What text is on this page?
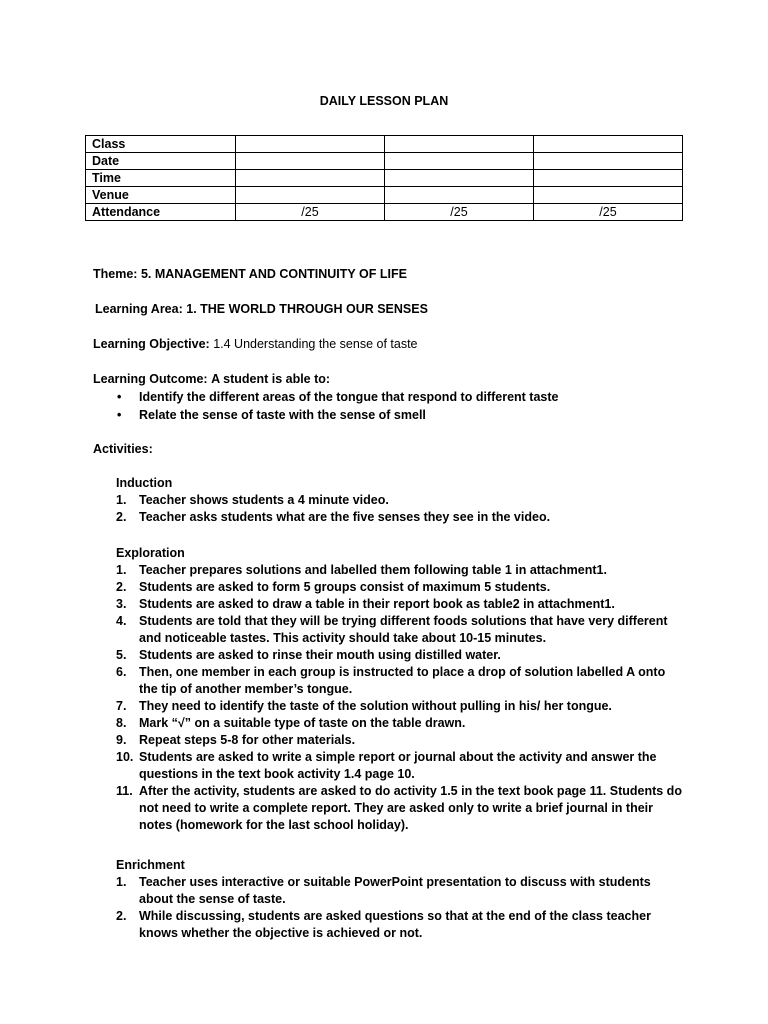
DAILY LESSON PLAN
Class			
Date			
Time			
Venue			
Attendance	/25	/25	/25
Theme: 5. MANAGEMENT AND CONTINUITY OF LIFE
Learning Area: 1. THE WORLD THROUGH OUR SENSES
Learning Objective: 1.4 Understanding the sense of taste
Learning Outcome: A student is able to:
• Identify the different areas of the tongue that respond to different taste
• Relate the sense of taste with the sense of smell
Activities:
Induction
1. Teacher shows students a 4 minute video.
2. Teacher asks students what are the five senses they see in the video.
Exploration
1. Teacher prepares solutions and labelled them following table 1 in attachment1.
2. Students are asked to form 5 groups consist of maximum 5 students.
3. Students are asked to draw a table in their report book as table2 in attachment1.
4. Students are told that they will be trying different foods solutions that have very different and noticeable tastes. This activity should take about 10-15 minutes.
5. Students are asked to rinse their mouth using distilled water.
6. Then, one member in each group is instructed to place a drop of solution labelled A onto the tip of another member’s tongue.
7. They need to identify the taste of the solution without pulling in his/ her tongue.
8. Mark “√” on a suitable type of taste on the table drawn.
9. Repeat steps 5-8 for other materials.
10. Students are asked to write a simple report or journal about the activity and answer the questions in the text book activity 1.4 page 10.
11. After the activity, students are asked to do activity 1.5 in the text book page 11. Students do not need to write a complete report. They are asked only to write a brief journal in their notes (homework for the last school holiday).
Enrichment
1. Teacher uses interactive or suitable PowerPoint presentation to discuss with students about the sense of taste.
2. While discussing, students are asked questions so that at the end of the class teacher knows whether the objective is achieved or not.
